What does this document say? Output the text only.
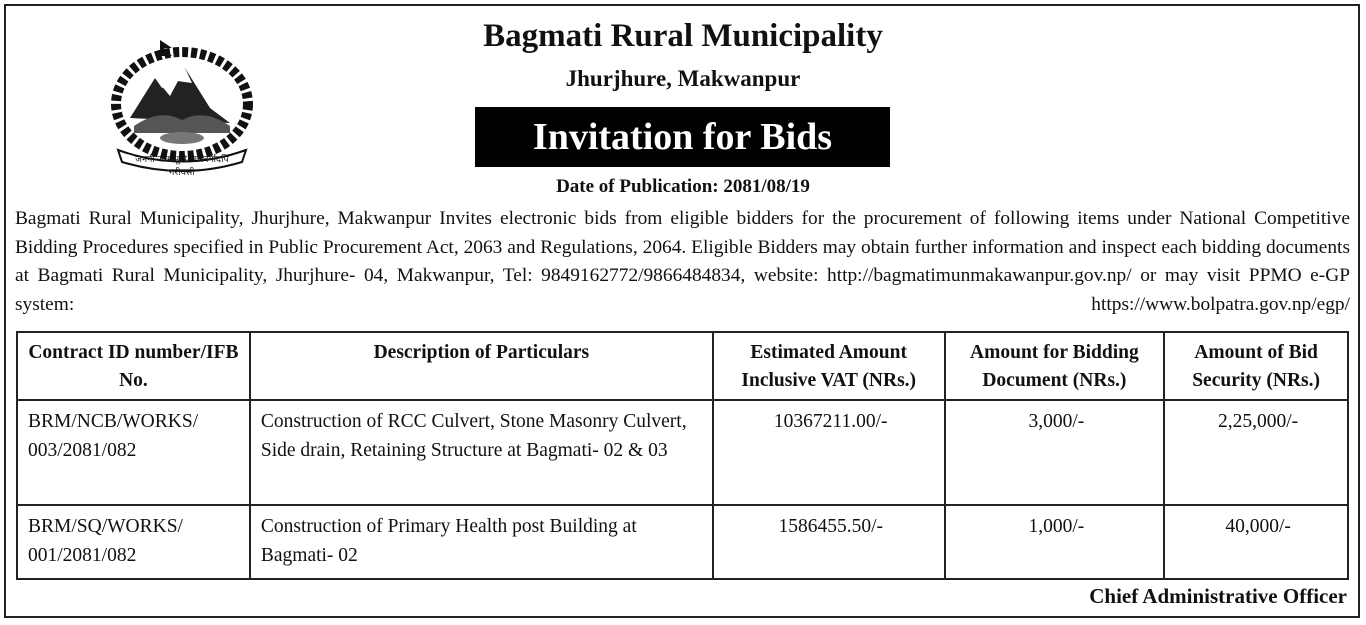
जननी जन्मभूमिश्च स्वर्गादपि गरीयसी
Bagmati Rural Municipality
Jhurjhure, Makwanpur
Invitation for Bids
Date of Publication: 2081/08/19

Bagmati Rural Municipality, Jhurjhure, Makwanpur Invites electronic bids from eligible bidders for the procurement of following items under National Competitive Bidding Procedures specified in Public Procurement Act, 2063 and Regulations, 2064. Eligible Bidders may obtain further information and inspect each bidding documents at Bagmati Rural Municipality, Jhurjhure- 04, Makwanpur, Tel: 9849162772/9866484834, website: http://bagmatimunmakawanpur.gov.np/ or may visit PPMO e-GP system: https://www.bolpatra.gov.np/egp/

Contract ID number/IFB No.	Description of Particulars	Estimated Amount Inclusive VAT (NRs.)	Amount for Bidding Document (NRs.)	Amount of Bid Security (NRs.)
BRM/NCB/WORKS/ 003/2081/082	Construction of RCC Culvert, Stone Masonry Culvert, Side drain, Retaining Structure at Bagmati- 02 & 03	10367211.00/-	3,000/-	2,25,000/-
BRM/SQ/WORKS/ 001/2081/082	Construction of Primary Health post Building at Bagmati- 02	1586455.50/-	1,000/-	40,000/-
Chief Administrative Officer
